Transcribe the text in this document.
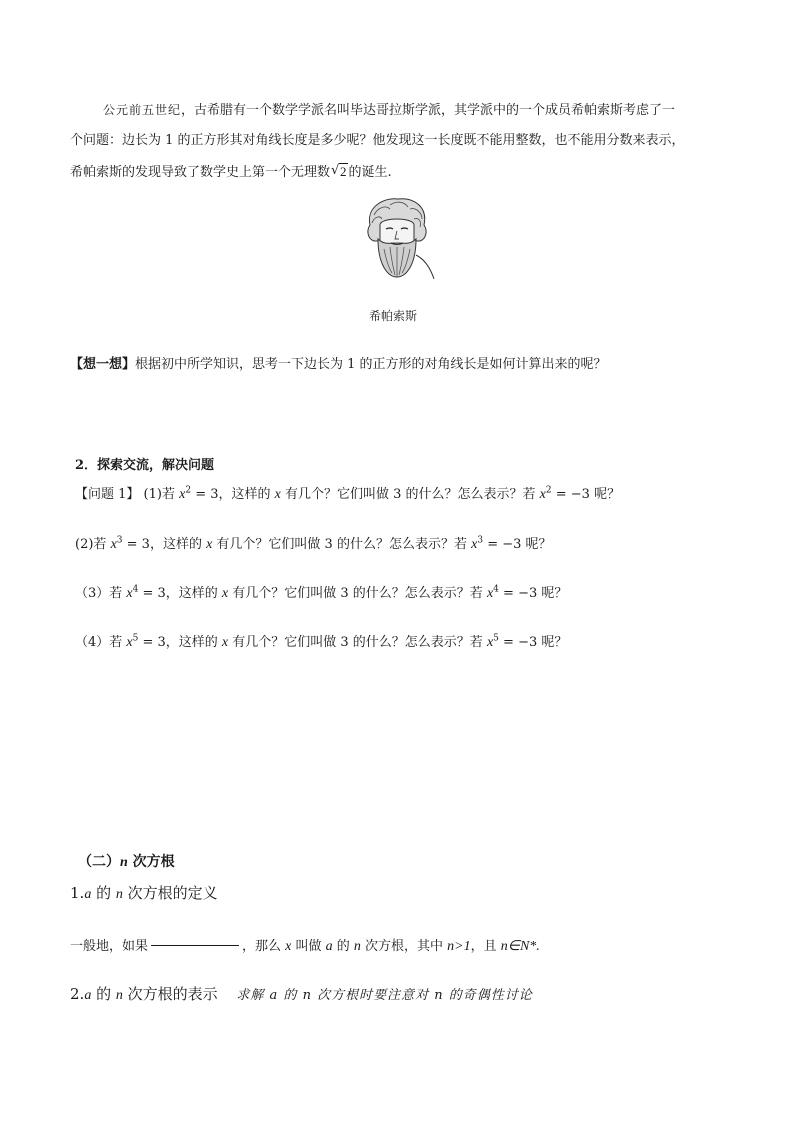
公元前五世纪，古希腊有一个数学学派名叫毕达哥拉斯学派，其学派中的一个成员希帕索斯考虑了一
个问题：边长为 1 的正方形其对角线长度是多少呢？他发现这一长度既不能用整数，也不能用分数来表示，
希帕索斯的发现导致了数学史上第一个无理数 √ 2 的诞生.
希帕索斯
【想一想】根据初中所学知识，思考一下边长为 1 的正方形的对角线长是如何计算出来的呢？
2．探索交流，解决问题
【问题 1】 (1)若 $x^2 = 3$，这样的 x 有几个？它们叫做 3 的什么？怎么表示？若 $x^2 = -3$ 呢？
(2)若 $x^3 = 3$，这样的 x 有几个？它们叫做 3 的什么？怎么表示？若 $x^3 = -3$ 呢？
（3）若 $x^4 = 3$，这样的 x 有几个？它们叫做 3 的什么？怎么表示？若 $x^4 = -3$ 呢？
（4）若 $x^5 = 3$，这样的 x 有几个？它们叫做 3 的什么？怎么表示？若 $x^5 = -3$ 呢？
（二）n 次方根
1.a 的 n 次方根的定义
一般地，如果	，那么 x 叫做 a 的 n 次方根，其中 n>1，且 n∈N*.
2.a 的 n 次方根的表示 求解 a 的 n 次方根时要注意对 n 的奇偶性讨论
